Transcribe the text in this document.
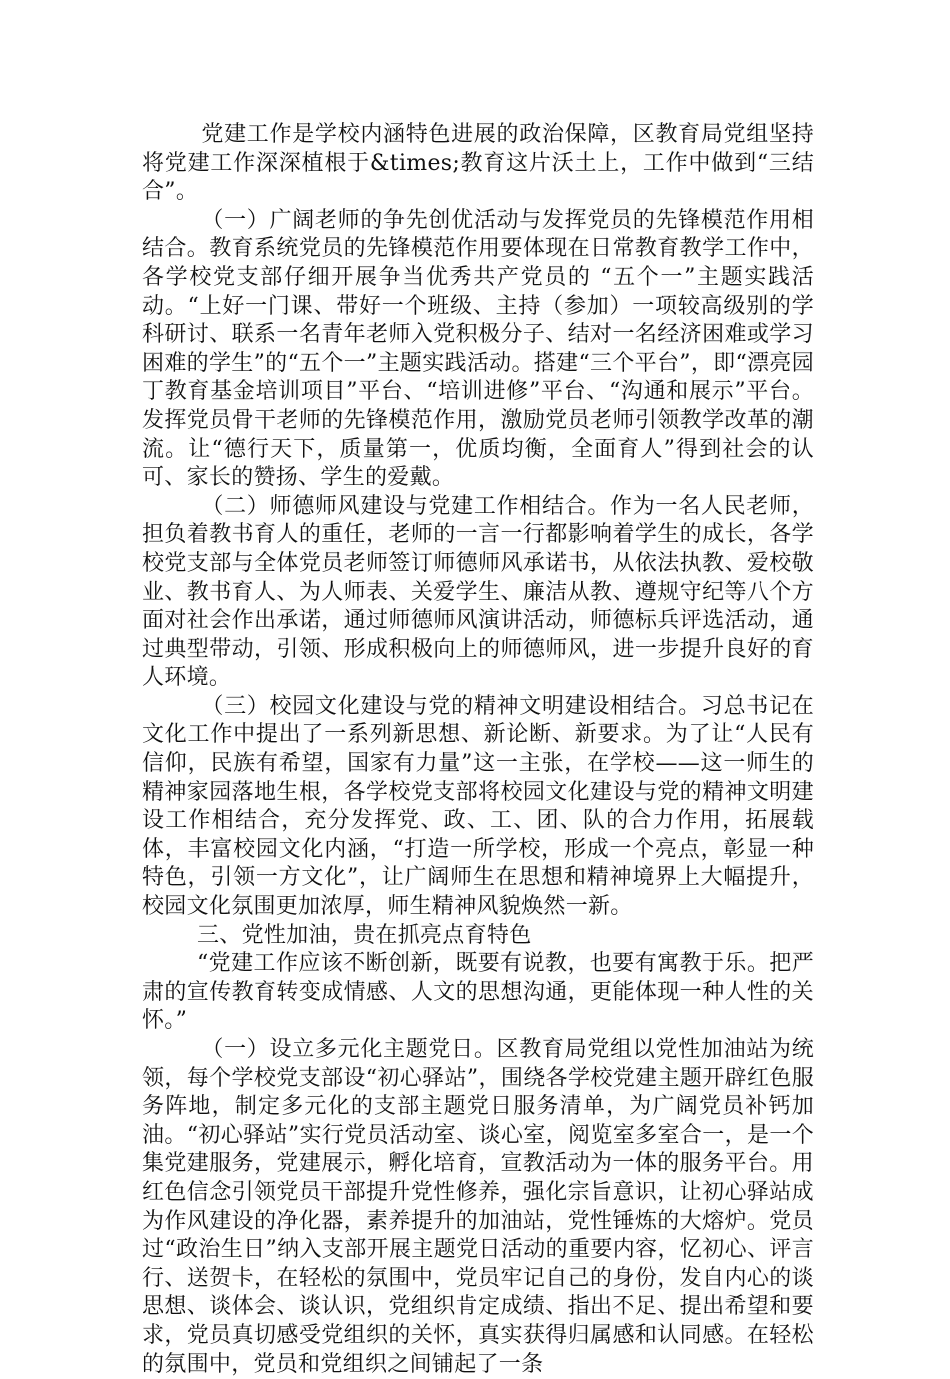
党建工作是学校内涵特色进展的政治保障，区教育局党组坚持将党建工作深深植根于&times;教育这片沃土上，工作中做到“三结合”。

（一）广阔老师的争先创优活动与发挥党员的先锋模范作用相结合。教育系统党员的先锋模范作用要体现在日常教育教学工作中，各学校党支部仔细开展争当优秀共产党员的 “五个一”主题实践活动。“上好一门课、带好一个班级、主持（参加）一项较高级别的学科研讨、联系一名青年老师入党积极分子、结对一名经济困难或学习困难的学生”的“五个一”主题实践活动。搭建“三个平台”，即“漂亮园丁教育基金培训项目”平台、“培训进修”平台、“沟通和展示”平台。发挥党员骨干老师的先锋模范作用，激励党员老师引领教学改革的潮流。让“德行天下，质量第一，优质均衡，全面育人”得到社会的认可、家长的赞扬、学生的爱戴。

（二）师德师风建设与党建工作相结合。作为一名人民老师，担负着教书育人的重任，老师的一言一行都影响着学生的成长，各学校党支部与全体党员老师签订师德师风承诺书，从依法执教、爱校敬业、教书育人、为人师表、关爱学生、廉洁从教、遵规守纪等八个方面对社会作出承诺，通过师德师风演讲活动，师德标兵评选活动，通过典型带动，引领、形成积极向上的师德师风，进一步提升良好的育人环境。

（三）校园文化建设与党的精神文明建设相结合。习总书记在文化工作中提出了一系列新思想、新论断、新要求。为了让“人民有信仰，民族有希望，国家有力量”这一主张，在学校——这一师生的精神家园落地生根，各学校党支部将校园文化建设与党的精神文明建设工作相结合，充分发挥党、政、工、团、队的合力作用，拓展载体，丰富校园文化内涵，“打造一所学校，形成一个亮点，彰显一种特色，引领一方文化”，让广阔师生在思想和精神境界上大幅提升，校园文化氛围更加浓厚，师生精神风貌焕然一新。

三、党性加油，贵在抓亮点育特色

“党建工作应该不断创新，既要有说教，也要有寓教于乐。把严肃的宣传教育转变成情感、人文的思想沟通，更能体现一种人性的关怀。”

（一）设立多元化主题党日。区教育局党组以党性加油站为统领，每个学校党支部设“初心驿站”，围绕各学校党建主题开辟红色服务阵地，制定多元化的支部主题党日服务清单，为广阔党员补钙加油。“初心驿站”实行党员活动室、谈心室，阅览室多室合一，是一个集党建服务，党建展示，孵化培育，宣教活动为一体的服务平台。用红色信念引领党员干部提升党性修养，强化宗旨意识，让初心驿站成为作风建设的净化器，素养提升的加油站，党性锤炼的大熔炉。党员过“政治生日”纳入支部开展主题党日活动的重要内容，忆初心、评言行、送贺卡，在轻松的氛围中，党员牢记自己的身份，发自内心的谈思想、谈体会、谈认识，党组织肯定成绩、指出不足、提出希望和要求，党员真切感受党组织的关怀，真实获得归属感和认同感。在轻松的氛围中，党员和党组织之间铺起了一条
